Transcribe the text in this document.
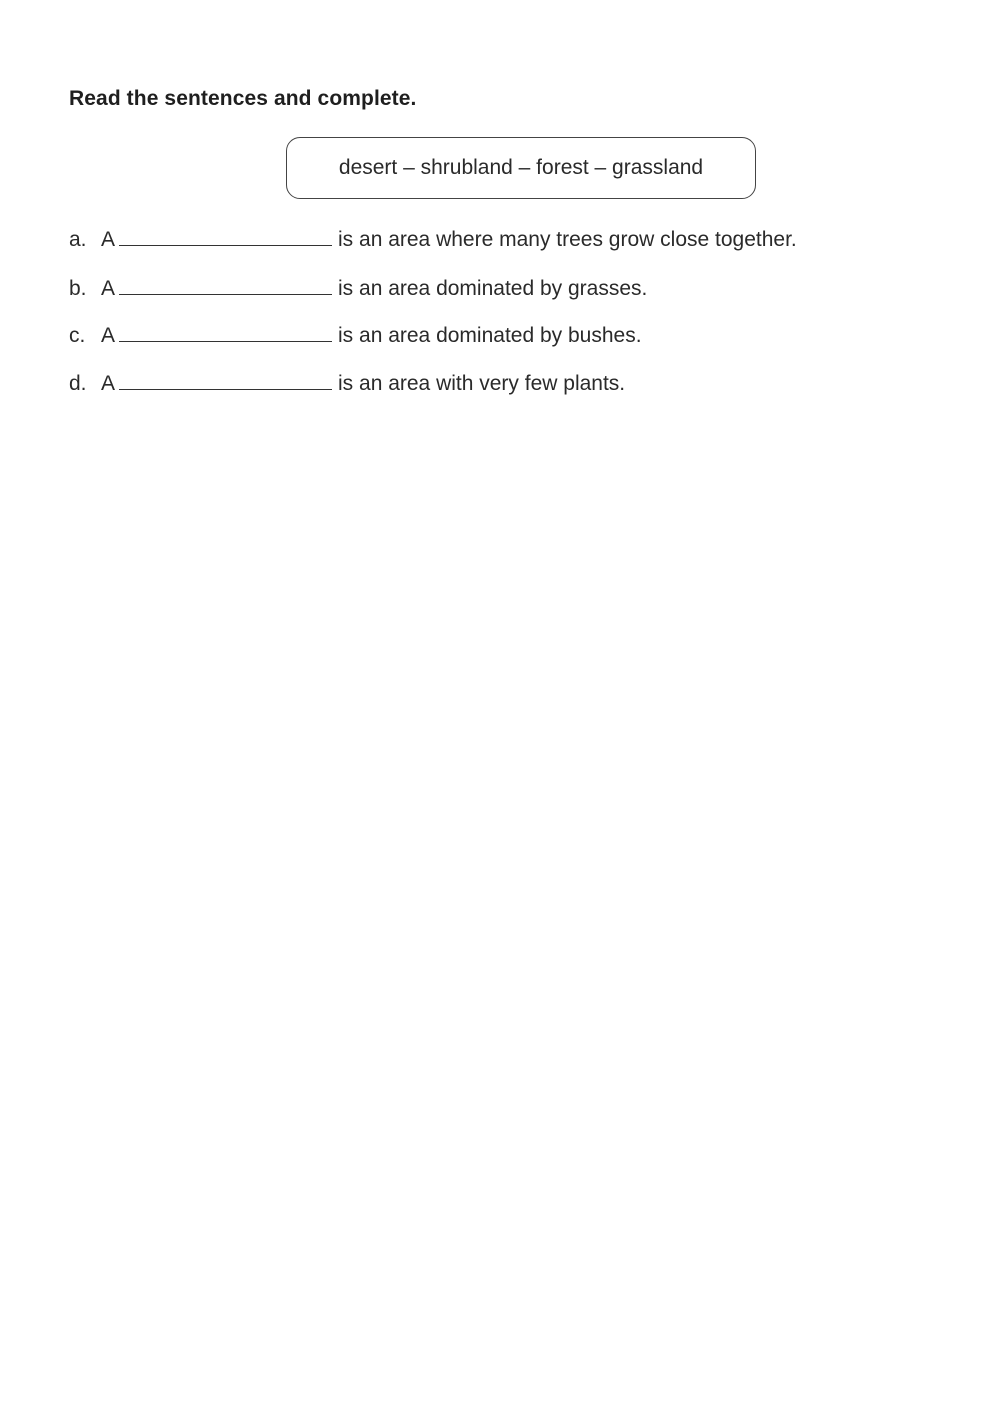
Read the sentences and complete.
desert – shrubland – forest – grassland
a. A	is an area where many trees grow close together.
b. A	is an area dominated by grasses.
c. A	is an area dominated by bushes.
d. A	is an area with very few plants.
